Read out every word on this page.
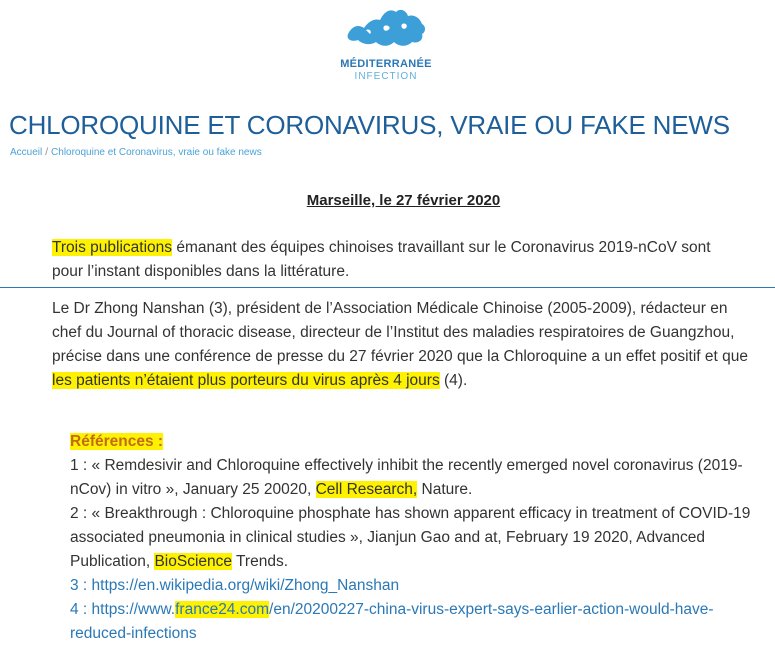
MÉDITERRANÉE
INFECTION
CHLOROQUINE ET CORONAVIRUS, VRAIE OU FAKE NEWS
Accueil / Chloroquine et Coronavirus, vraie ou fake news
Marseille, le 27 février 2020
Trois publications émanant des équipes chinoises travaillant sur le Coronavirus 2019-nCoV sont pour l’instant disponibles dans la littérature.
Le Dr Zhong Nanshan (3), président de l’Association Médicale Chinoise (2005-2009), rédacteur en chef du Journal of thoracic disease, directeur de l’Institut des maladies respiratoires de Guangzhou, précise dans une conférence de presse du 27 février 2020 que la Chloroquine a un effet positif et que les patients n’étaient plus porteurs du virus après 4 jours (4).
Références :
1 : « Remdesivir and Chloroquine effectively inhibit the recently emerged novel coronavirus (2019-nCov) in vitro », January 25 20020, Cell Research, Nature.
2 : « Breakthrough : Chloroquine phosphate has shown apparent efficacy in treatment of COVID-19 associated pneumonia in clinical studies », Jianjun Gao and at, February 19 2020, Advanced Publication, BioScience Trends.
3 : https://en.wikipedia.org/wiki/Zhong_Nanshan
4 : https://www.france24.com/en/20200227-china-virus-expert-says-earlier-action-would-have-reduced-infections
